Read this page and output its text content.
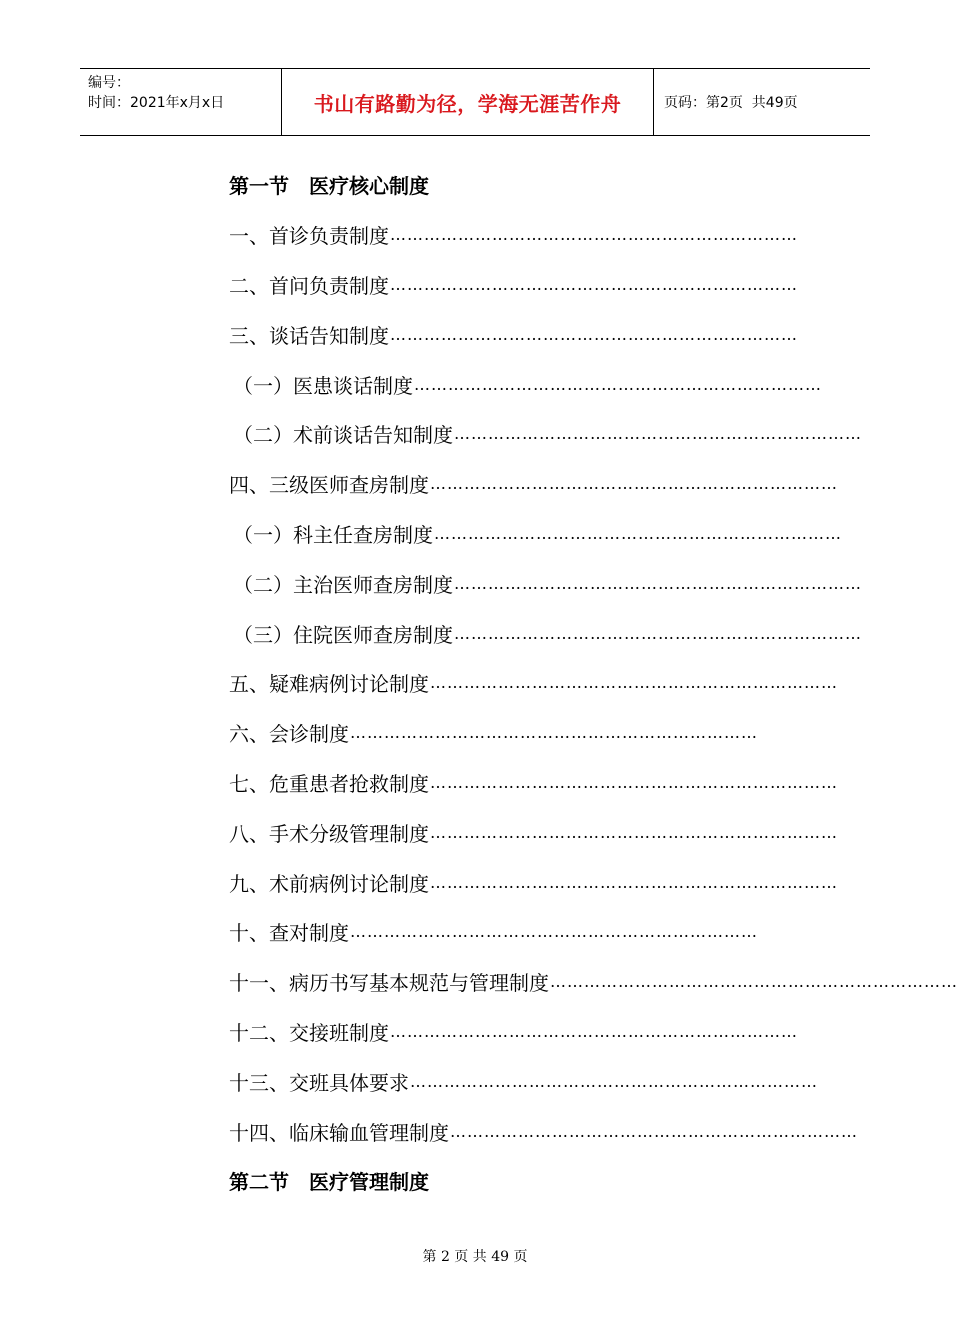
编号：
时间：2021年x月x日	书山有路勤为径，学海无涯苦作舟	页码：第2页  共49页
第一节　医疗核心制度
一、首诊负责制度 ………………………………………………………………
二、首问负责制度 ………………………………………………………………
三、谈话告知制度 ………………………………………………………………
（一）医患谈话制度 ………………………………………………………………
（二）术前谈话告知制度 ………………………………………………………………
四、三级医师查房制度 ………………………………………………………………
（一）科主任查房制度 ………………………………………………………………
（二）主治医师查房制度 ………………………………………………………………
（三）住院医师查房制度 ………………………………………………………………
五、疑难病例讨论制度 ………………………………………………………………
六、会诊制度 ………………………………………………………………
七、危重患者抢救制度 ………………………………………………………………
八、手术分级管理制度 ………………………………………………………………
九、术前病例讨论制度 ………………………………………………………………
十、查对制度 ………………………………………………………………
十一、病历书写基本规范与管理制度 ………………………………………………………………
十二、交接班制度 ………………………………………………………………
十三、交班具体要求 ………………………………………………………………
十四、临床输血管理制度 ………………………………………………………………
第二节　医疗管理制度
第 2 页 共 49 页
